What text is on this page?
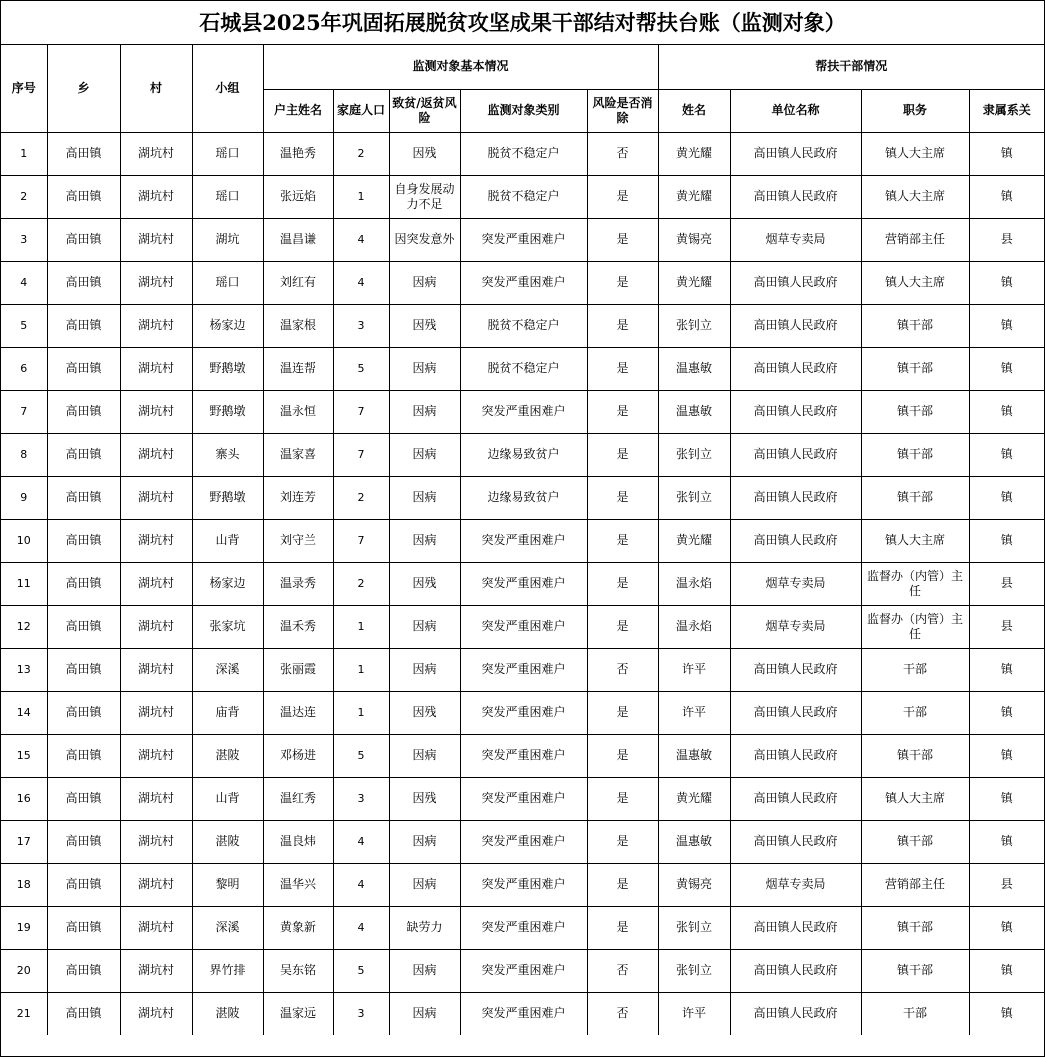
石城县2025年巩固拓展脱贫攻坚成果干部结对帮扶台账（监测对象）
序号	乡	村	小组	监测对象基本情况					帮扶干部情况			
				户主姓名	家庭人口	致贫/返贫风险	监测对象类别	风险是否消除	姓名	单位名称	职务	隶属系关
1	高田镇	湖坑村	瑶口	温艳秀	2	因残	脱贫不稳定户	否	黄光耀	高田镇人民政府	镇人大主席	镇
2	高田镇	湖坑村	瑶口	张远焰	1	自身发展动力不足	脱贫不稳定户	是	黄光耀	高田镇人民政府	镇人大主席	镇
3	高田镇	湖坑村	湖坑	温昌谦	4	因突发意外	突发严重困难户	是	黄锡亮	烟草专卖局	营销部主任	县
4	高田镇	湖坑村	瑶口	刘红有	4	因病	突发严重困难户	是	黄光耀	高田镇人民政府	镇人大主席	镇
5	高田镇	湖坑村	杨家边	温家根	3	因残	脱贫不稳定户	是	张钊立	高田镇人民政府	镇干部	镇
6	高田镇	湖坑村	野鹅墩	温连帮	5	因病	脱贫不稳定户	是	温惠敏	高田镇人民政府	镇干部	镇
7	高田镇	湖坑村	野鹅墩	温永恒	7	因病	突发严重困难户	是	温惠敏	高田镇人民政府	镇干部	镇
8	高田镇	湖坑村	寨头	温家喜	7	因病	边缘易致贫户	是	张钊立	高田镇人民政府	镇干部	镇
9	高田镇	湖坑村	野鹅墩	刘连芳	2	因病	边缘易致贫户	是	张钊立	高田镇人民政府	镇干部	镇
10	高田镇	湖坑村	山背	刘守兰	7	因病	突发严重困难户	是	黄光耀	高田镇人民政府	镇人大主席	镇
11	高田镇	湖坑村	杨家边	温录秀	2	因残	突发严重困难户	是	温永焰	烟草专卖局	监督办（内管）主任	县
12	高田镇	湖坑村	张家坑	温禾秀	1	因病	突发严重困难户	是	温永焰	烟草专卖局	监督办（内管）主任	县
13	高田镇	湖坑村	深溪	张丽霞	1	因病	突发严重困难户	否	许平	高田镇人民政府	干部	镇
14	高田镇	湖坑村	庙背	温达连	1	因残	突发严重困难户	是	许平	高田镇人民政府	干部	镇
15	高田镇	湖坑村	湛陂	邓杨进	5	因病	突发严重困难户	是	温惠敏	高田镇人民政府	镇干部	镇
16	高田镇	湖坑村	山背	温红秀	3	因残	突发严重困难户	是	黄光耀	高田镇人民政府	镇人大主席	镇
17	高田镇	湖坑村	湛陂	温良炜	4	因病	突发严重困难户	是	温惠敏	高田镇人民政府	镇干部	镇
18	高田镇	湖坑村	黎明	温华兴	4	因病	突发严重困难户	是	黄锡亮	烟草专卖局	营销部主任	县
19	高田镇	湖坑村	深溪	黄象新	4	缺劳力	突发严重困难户	是	张钊立	高田镇人民政府	镇干部	镇
20	高田镇	湖坑村	界竹排	吴东铭	5	因病	突发严重困难户	否	张钊立	高田镇人民政府	镇干部	镇
21	高田镇	湖坑村	湛陂	温家远	3	因病	突发严重困难户	否	许平	高田镇人民政府	干部	镇
